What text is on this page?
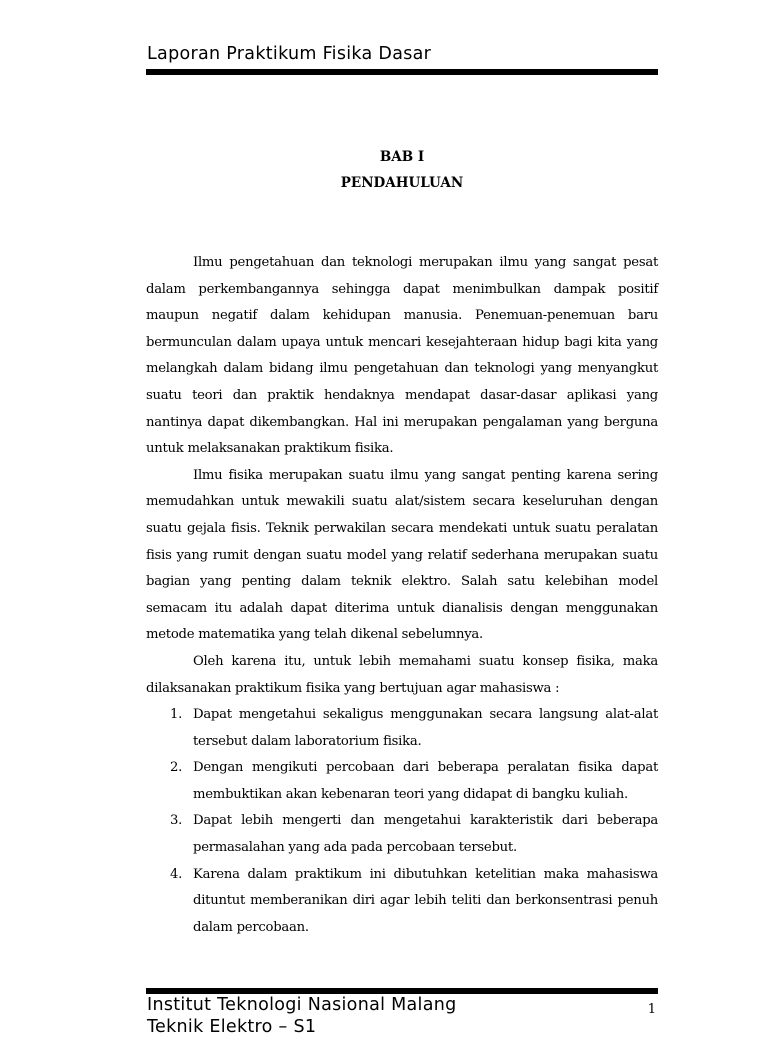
Laporan Praktikum Fisika Dasar
BAB I
PENDAHULUAN

Ilmu pengetahuan dan teknologi merupakan ilmu yang sangat pesat dalam perkembangannya sehingga dapat menimbulkan dampak positif maupun negatif dalam kehidupan manusia. Penemuan-penemuan baru bermunculan dalam upaya untuk mencari kesejahteraan hidup bagi kita yang melangkah dalam bidang ilmu pengetahuan dan teknologi yang menyangkut suatu teori dan praktik hendaknya mendapat dasar-dasar aplikasi yang nantinya dapat dikembangkan. Hal ini merupakan pengalaman yang berguna untuk melaksanakan praktikum fisika.

Ilmu fisika merupakan suatu ilmu yang sangat penting karena sering memudahkan untuk mewakili suatu alat/sistem secara keseluruhan dengan suatu gejala fisis. Teknik perwakilan secara mendekati untuk suatu peralatan fisis yang rumit dengan suatu model yang relatif sederhana merupakan suatu bagian yang penting dalam teknik elektro. Salah satu kelebihan model semacam itu adalah dapat diterima untuk dianalisis dengan menggunakan metode matematika yang telah dikenal sebelumnya.

Oleh karena itu, untuk lebih memahami suatu konsep fisika, maka dilaksanakan praktikum fisika yang bertujuan agar mahasiswa :

1. Dapat mengetahui sekaligus menggunakan secara langsung alat-alat tersebut dalam laboratorium fisika.
2. Dengan mengikuti percobaan dari beberapa peralatan fisika dapat membuktikan akan kebenaran teori yang didapat di bangku kuliah.
3. Dapat lebih mengerti dan mengetahui karakteristik dari beberapa permasalahan yang ada pada percobaan tersebut.
4. Karena dalam praktikum ini dibutuhkan ketelitian maka mahasiswa dituntut memberanikan diri agar lebih teliti dan berkonsentrasi penuh dalam percobaan.
Institut Teknologi Nasional Malang
Teknik Elektro – S1
1
